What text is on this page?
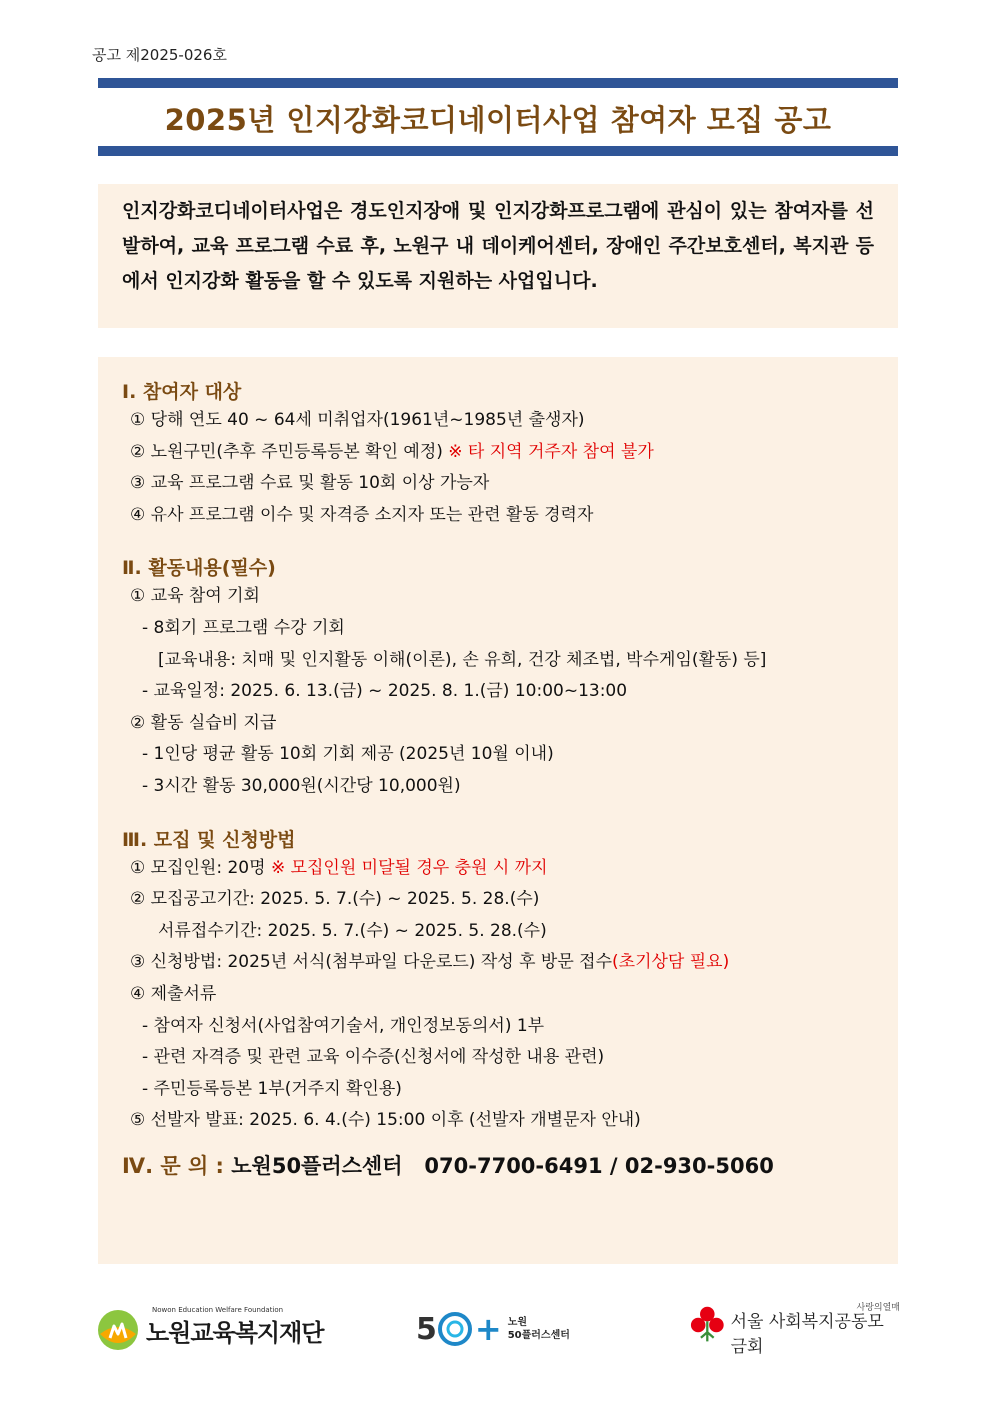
공고 제2025-026호
2025년 인지강화코디네이터사업 참여자 모집 공고

인지강화코디네이터사업은 경도인지장애 및 인지강화프로그램에 관심이 있는 참여자를 선발하여, 교육 프로그램 수료 후, 노원구 내 데이케어센터, 장애인 주간보호센터, 복지관 등에서 인지강화 활동을 할 수 있도록 지원하는 사업입니다.

Ⅰ. 참여자 대상
① 당해 연도 40 ~ 64세 미취업자(1961년~1985년 출생자)
② 노원구민(추후 주민등록등본 확인 예정) ※ 타 지역 거주자 참여 불가
③ 교육 프로그램 수료 및 활동 10회 이상 가능자
④ 유사 프로그램 이수 및 자격증 소지자 또는 관련 활동 경력자
Ⅱ. 활동내용(필수)
① 교육 참여 기회
- 8회기 프로그램 수강 기회
[교육내용: 치매 및 인지활동 이해(이론), 손 유희, 건강 체조법, 박수게임(활동) 등]
- 교육일정: 2025. 6. 13.(금) ~ 2025. 8. 1.(금) 10:00~13:00
② 활동 실습비 지급
- 1인당 평균 활동 10회 기회 제공 (2025년 10월 이내)
- 3시간 활동 30,000원(시간당 10,000원)
Ⅲ. 모집 및 신청방법
① 모집인원: 20명 ※ 모집인원 미달될 경우 충원 시 까지
② 모집공고기간: 2025. 5. 7.(수) ~ 2025. 5. 28.(수)
서류접수기간: 2025. 5. 7.(수) ~ 2025. 5. 28.(수)
③ 신청방법: 2025년 서식(첨부파일 다운로드) 작성 후 방문 접수(초기상담 필요)
④ 제출서류
- 참여자 신청서(사업참여기술서, 개인정보동의서) 1부
- 관련 자격증 및 관련 교육 이수증(신청서에 작성한 내용 관련)
- 주민등록등본 1부(거주지 확인용)
⑤ 선발자 발표: 2025. 6. 4.(수) 15:00 이후 (선발자 개별문자 안내)
Ⅳ. 문 의 : 노원50플러스센터   070-7700-6491 / 02-930-5060
Nowon Education Welfare Foundation
노원교육복지재단	5 + 노원
50플러스센터
사랑의열매
서울 사회복지공동모금회
